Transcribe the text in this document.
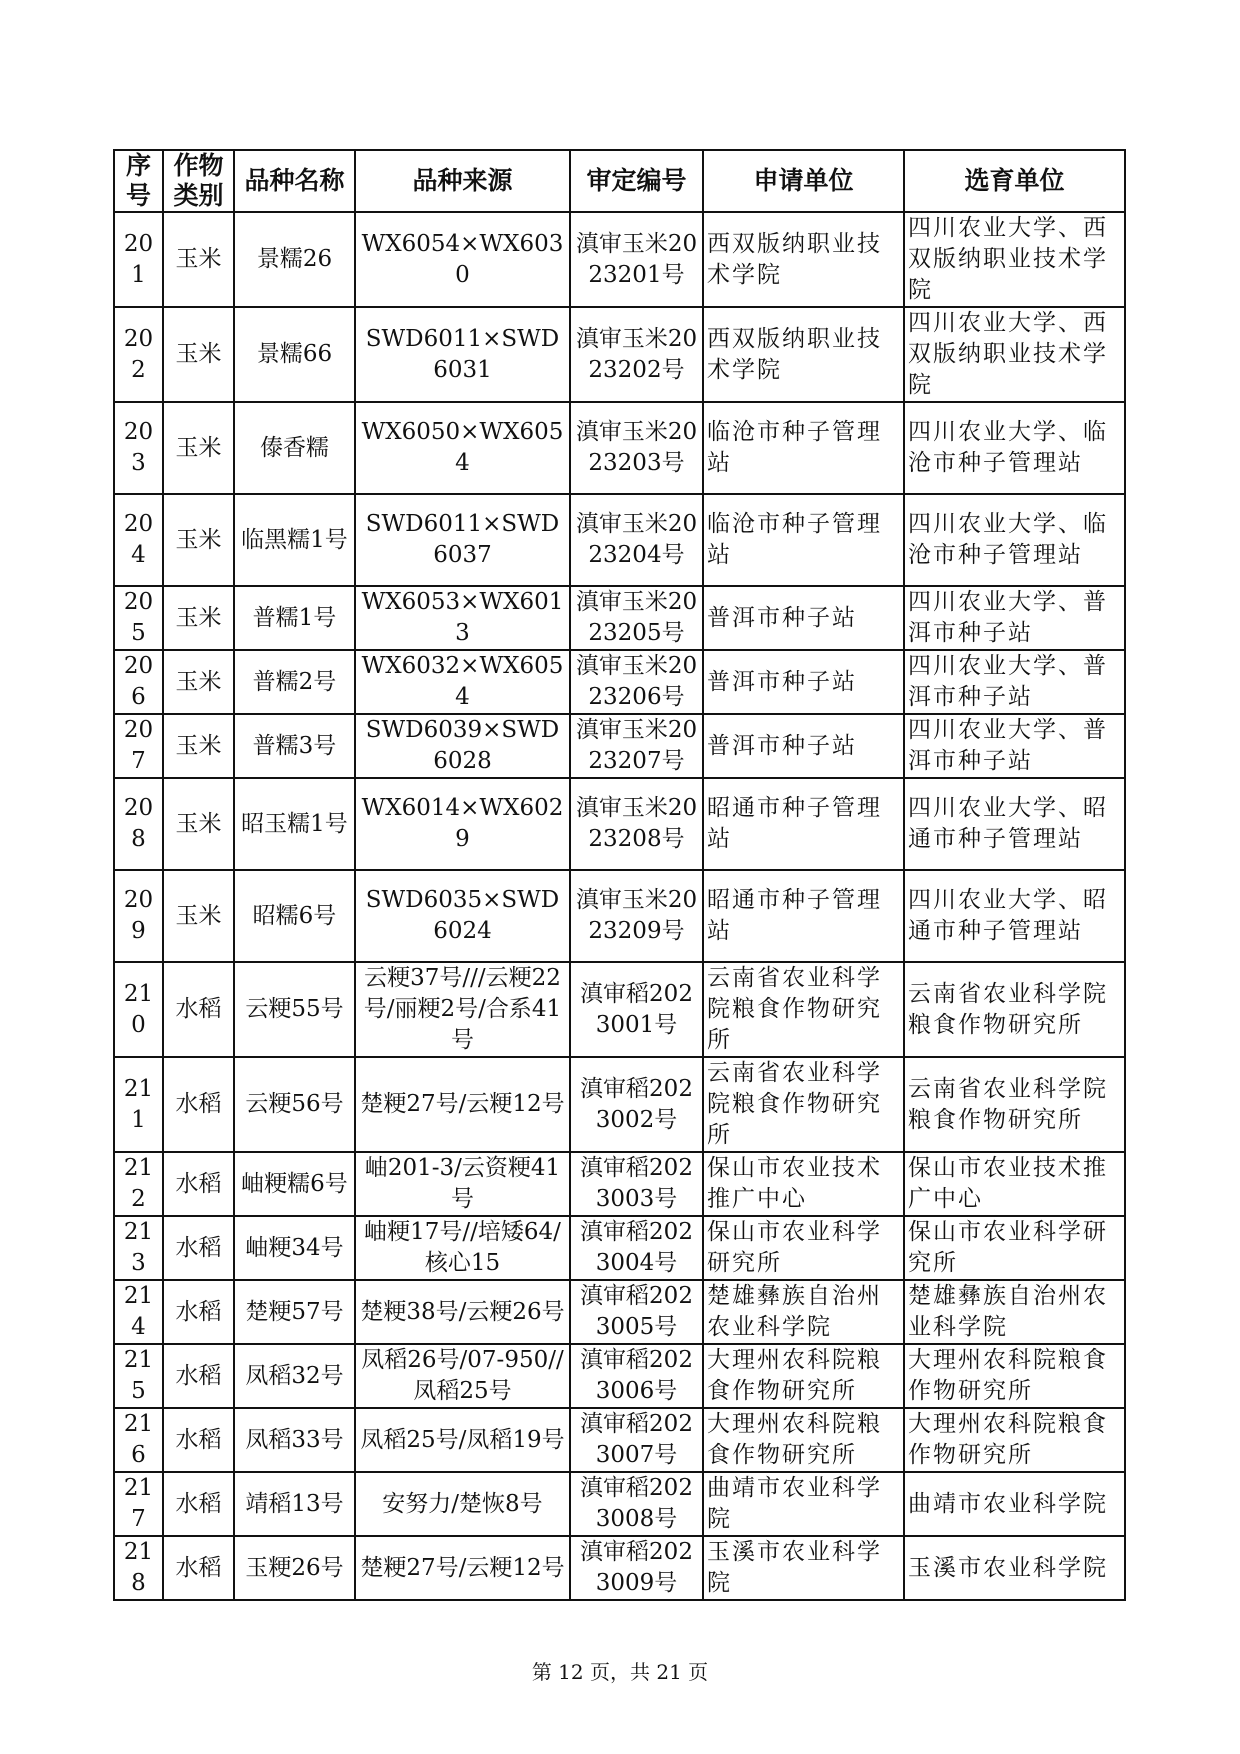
序号	作物类别	品种名称	品种来源	审定编号	申请单位	选育单位
201	玉米	景糯26	WX6054×WX6030	滇审玉米2023201号	西双版纳职业技术学院	四川农业大学、西双版纳职业技术学院
202	玉米	景糯66	SWD6011×SWD6031	滇审玉米2023202号	西双版纳职业技术学院	四川农业大学、西双版纳职业技术学院
203	玉米	傣香糯	WX6050×WX6054	滇审玉米2023203号	临沧市种子管理站	四川农业大学、临沧市种子管理站
204	玉米	临黑糯1号	SWD6011×SWD6037	滇审玉米2023204号	临沧市种子管理站	四川农业大学、临沧市种子管理站
205	玉米	普糯1号	WX6053×WX6013	滇审玉米2023205号	普洱市种子站	四川农业大学、普洱市种子站
206	玉米	普糯2号	WX6032×WX6054	滇审玉米2023206号	普洱市种子站	四川农业大学、普洱市种子站
207	玉米	普糯3号	SWD6039×SWD6028	滇审玉米2023207号	普洱市种子站	四川农业大学、普洱市种子站
208	玉米	昭玉糯1号	WX6014×WX6029	滇审玉米2023208号	昭通市种子管理站	四川农业大学、昭通市种子管理站
209	玉米	昭糯6号	SWD6035×SWD6024	滇审玉米2023209号	昭通市种子管理站	四川农业大学、昭通市种子管理站
210	水稻	云粳55号	云粳37号///云粳22号/丽粳2号/合系41号	滇审稻2023001号	云南省农业科学院粮食作物研究所	云南省农业科学院粮食作物研究所
211	水稻	云粳56号	楚粳27号/云粳12号	滇审稻2023002号	云南省农业科学院粮食作物研究所	云南省农业科学院粮食作物研究所
212	水稻	岫粳糯6号	岫201-3/云资粳41号	滇审稻2023003号	保山市农业技术推广中心	保山市农业技术推广中心
213	水稻	岫粳34号	岫粳17号//培矮64/核心15	滇审稻2023004号	保山市农业科学研究所	保山市农业科学研究所
214	水稻	楚粳57号	楚粳38号/云粳26号	滇审稻2023005号	楚雄彝族自治州农业科学院	楚雄彝族自治州农业科学院
215	水稻	凤稻32号	凤稻26号/07-950//凤稻25号	滇审稻2023006号	大理州农科院粮食作物研究所	大理州农科院粮食作物研究所
216	水稻	凤稻33号	凤稻25号/凤稻19号	滇审稻2023007号	大理州农科院粮食作物研究所	大理州农科院粮食作物研究所
217	水稻	靖稻13号	安努力/楚恢8号	滇审稻2023008号	曲靖市农业科学院	曲靖市农业科学院
218	水稻	玉粳26号	楚粳27号/云粳12号	滇审稻2023009号	玉溪市农业科学院	玉溪市农业科学院
第 12 页，共 21 页
